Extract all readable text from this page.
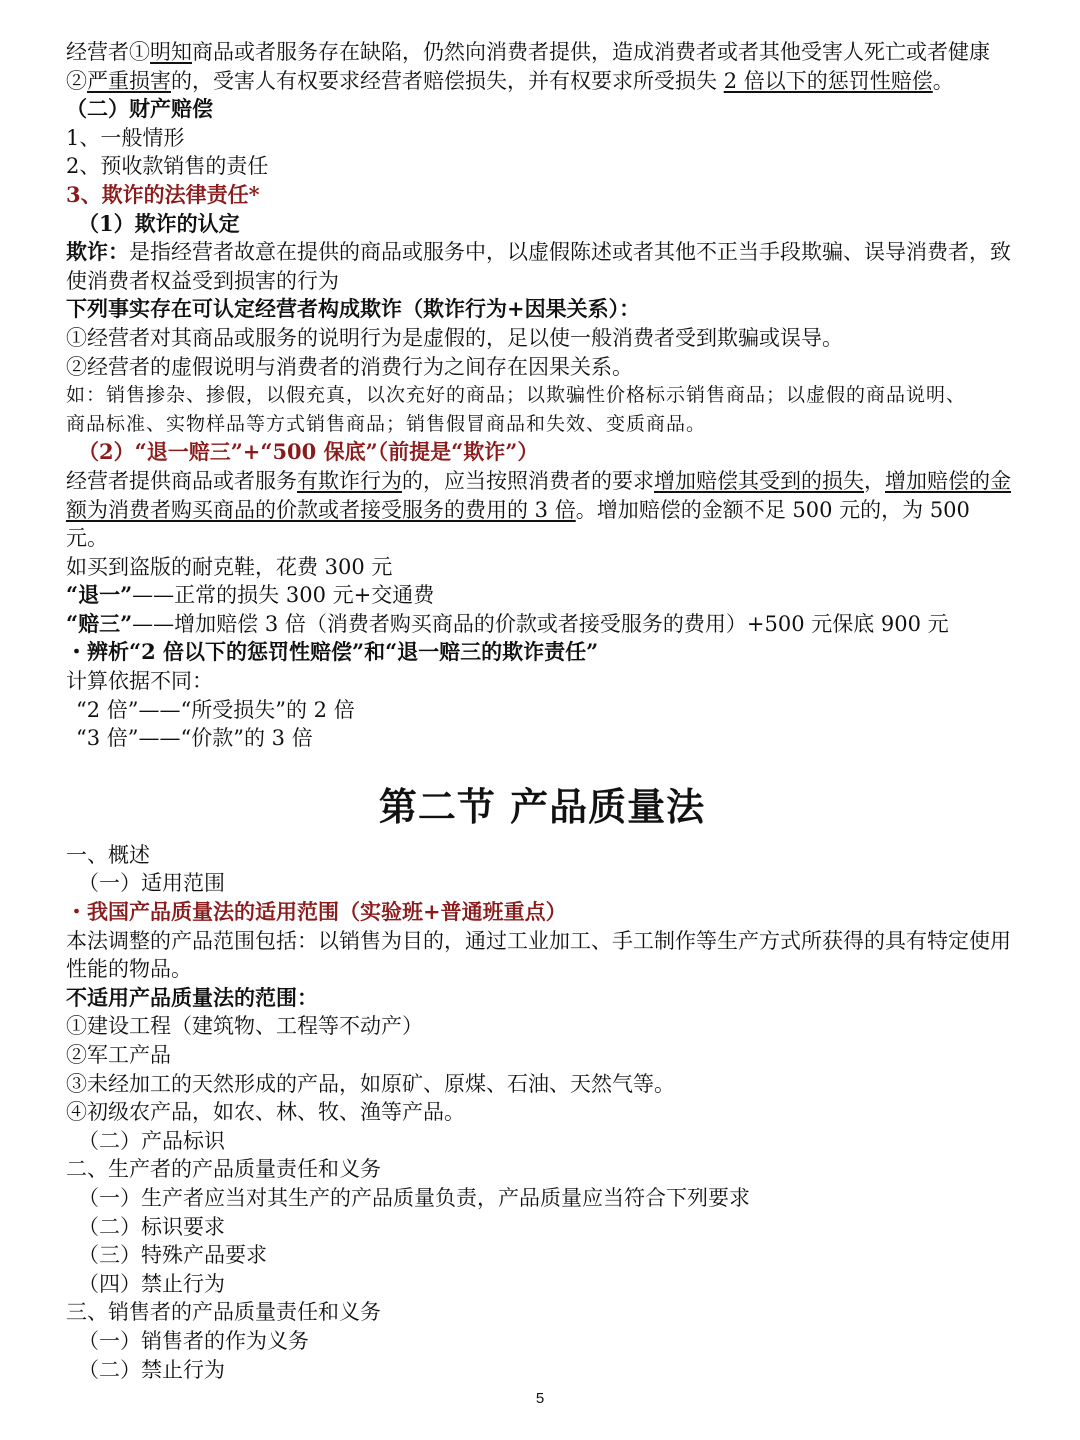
经营者①明知商品或者服务存在缺陷，仍然向消费者提供，造成消费者或者其他受害人死亡或者健康
②严重损害的，受害人有权要求经营者赔偿损失，并有权要求所受损失 2 倍以下的惩罚性赔偿。
（二）财产赔偿
1、一般情形
2、预收款销售的责任
3、欺诈的法律责任*
（1）欺诈的认定
欺诈：是指经营者故意在提供的商品或服务中，以虚假陈述或者其他不正当手段欺骗、误导消费者，致使消费者权益受到损害的行为
下列事实存在可认定经营者构成欺诈（欺诈行为+因果关系）：
①经营者对其商品或服务的说明行为是虚假的，足以使一般消费者受到欺骗或误导。
②经营者的虚假说明与消费者的消费行为之间存在因果关系。
如：销售掺杂、掺假，以假充真，以次充好的商品；以欺骗性价格标示销售商品；以虚假的商品说明、
商品标准、实物样品等方式销售商品；销售假冒商品和失效、变质商品。
（2）“退一赔三”+“500 保底”（前提是“欺诈”）
经营者提供商品或者服务有欺诈行为的，应当按照消费者的要求增加赔偿其受到的损失，增加赔偿的金额为消费者购买商品的价款或者接受服务的费用的 3 倍。增加赔偿的金额不足 500 元的，为 500 元。
如买到盗版的耐克鞋，花费 300 元
“退一”——正常的损失 300 元+交通费
“赔三”——增加赔偿 3 倍（消费者购买商品的价款或者接受服务的费用）+500 元保底 900 元
・辨析“2 倍以下的惩罚性赔偿”和“退一赔三的欺诈责任”
计算依据不同：
“2 倍”——“所受损失”的 2 倍
“3 倍”——“价款”的 3 倍
第二节 产品质量法
一、概述
（一）适用范围
・我国产品质量法的适用范围（实验班+普通班重点）
本法调整的产品范围包括：以销售为目的，通过工业加工、手工制作等生产方式所获得的具有特定使用性能的物品。
不适用产品质量法的范围：
①建设工程（建筑物、工程等不动产）
②军工产品
③未经加工的天然形成的产品，如原矿、原煤、石油、天然气等。
④初级农产品，如农、林、牧、渔等产品。
（二）产品标识
二、生产者的产品质量责任和义务
（一）生产者应当对其生产的产品质量负责，产品质量应当符合下列要求
（二）标识要求
（三）特殊产品要求
（四）禁止行为
三、销售者的产品质量责任和义务
（一）销售者的作为义务
（二）禁止行为
5
